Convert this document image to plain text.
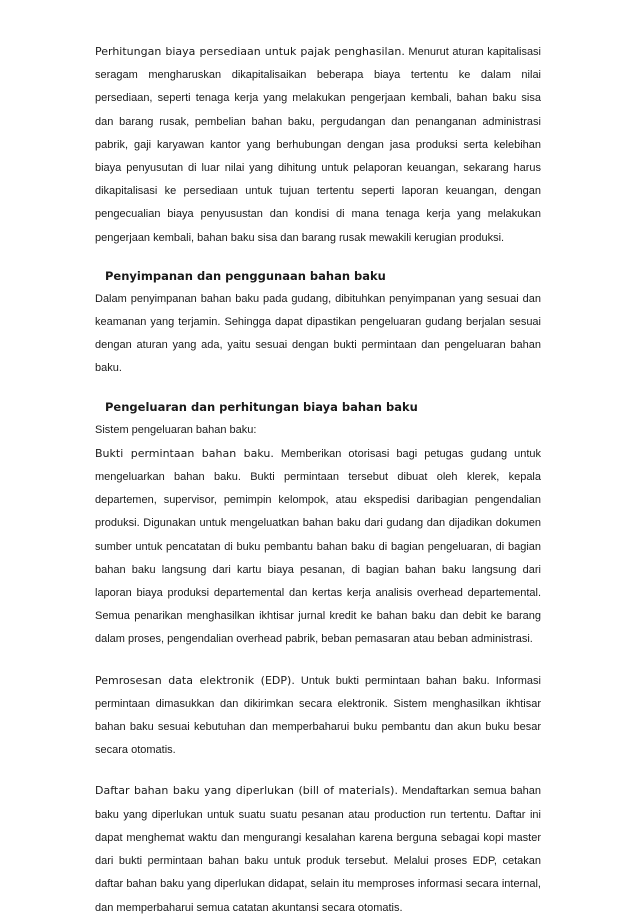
Perhitungan biaya persediaan untuk pajak penghasilan. Menurut aturan kapitalisasi seragam mengharuskan dikapitalisaikan beberapa biaya tertentu ke dalam nilai persediaan, seperti tenaga kerja yang melakukan pengerjaan kembali, bahan baku sisa dan barang rusak, pembelian bahan baku, pergudangan dan penanganan administrasi pabrik, gaji karyawan kantor yang berhubungan dengan jasa produksi serta kelebihan biaya penyusutan di luar nilai yang dihitung untuk pelaporan keuangan, sekarang harus dikapitalisasi ke persediaan untuk tujuan tertentu seperti laporan keuangan, dengan pengecualian biaya penyusustan dan kondisi di mana tenaga kerja yang melakukan pengerjaan kembali, bahan baku sisa dan barang rusak mewakili kerugian produksi.

Penyimpanan dan penggunaan bahan baku

Dalam penyimpanan bahan baku pada gudang, dibituhkan penyimpanan yang sesuai dan keamanan yang terjamin. Sehingga dapat dipastikan pengeluaran gudang berjalan sesuai dengan aturan yang ada, yaitu sesuai dengan bukti permintaan dan pengeluaran bahan baku.

Pengeluaran dan perhitungan biaya bahan baku

Sistem pengeluaran bahan baku:

Bukti permintaan bahan baku. Memberikan otorisasi bagi petugas gudang untuk mengeluarkan bahan baku. Bukti permintaan tersebut dibuat oleh klerek, kepala departemen, supervisor, pemimpin kelompok, atau ekspedisi daribagian pengendalian produksi. Digunakan untuk mengeluatkan bahan baku dari gudang dan dijadikan dokumen sumber untuk pencatatan di buku pembantu bahan baku di bagian pengeluaran, di bagian bahan baku langsung dari kartu biaya pesanan, di bagian bahan baku langsung dari laporan biaya produksi departemental dan kertas kerja analisis overhead departemental. Semua penarikan menghasilkan ikhtisar jurnal kredit ke bahan baku dan debit ke barang dalam proses, pengendalian overhead pabrik, beban pemasaran atau beban administrasi.

Pemrosesan data elektronik (EDP). Untuk bukti permintaan bahan baku. Informasi permintaan dimasukkan dan dikirimkan secara elektronik. Sistem menghasilkan ikhtisar bahan baku sesuai kebutuhan dan memperbaharui buku pembantu dan akun buku besar secara otomatis.

Daftar bahan baku yang diperlukan (bill of materials). Mendaftarkan semua bahan baku yang diperlukan untuk suatu suatu pesanan atau production run tertentu. Daftar ini dapat menghemat waktu dan mengurangi kesalahan karena berguna sebagai kopi master dari bukti permintaan bahan baku untuk produk tersebut. Melalui proses EDP, cetakan daftar bahan baku yang diperlukan didapat, selain itu memproses informasi secara internal, dan memperbaharui semua catatan akuntansi secara otomatis.
